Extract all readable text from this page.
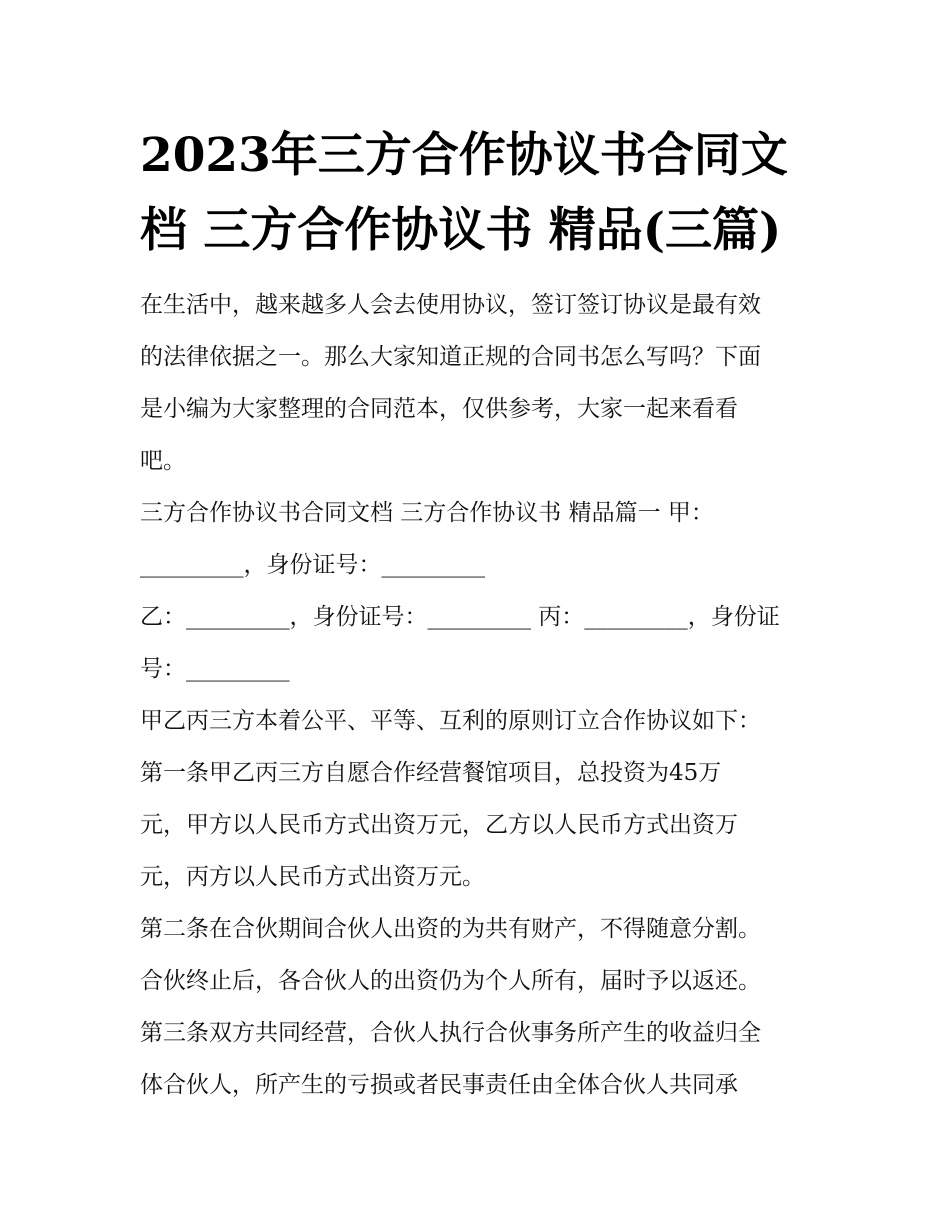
2023年三方合作协议书合同文
档 三方合作协议书 精品(三篇)
在生活中，越来越多人会去使用协议，签订签订协议是最有效
的法律依据之一。那么大家知道正规的合同书怎么写吗？下面
是小编为大家整理的合同范本，仅供参考，大家一起来看看
吧。
三方合作协议书合同文档 三方合作协议书 精品篇一 甲：
_________，身份证号：_________
乙：_________，身份证号：_________ 丙：_________，身份证
号：_________
甲乙丙三方本着公平、平等、互利的原则订立合作协议如下：
第一条甲乙丙三方自愿合作经营餐馆项目，总投资为45万
元，甲方以人民币方式出资万元，乙方以人民币方式出资万
元，丙方以人民币方式出资万元。
第二条在合伙期间合伙人出资的为共有财产，不得随意分割。
合伙终止后，各合伙人的出资仍为个人所有，届时予以返还。
第三条双方共同经营，合伙人执行合伙事务所产生的收益归全
体合伙人，所产生的亏损或者民事责任由全体合伙人共同承
